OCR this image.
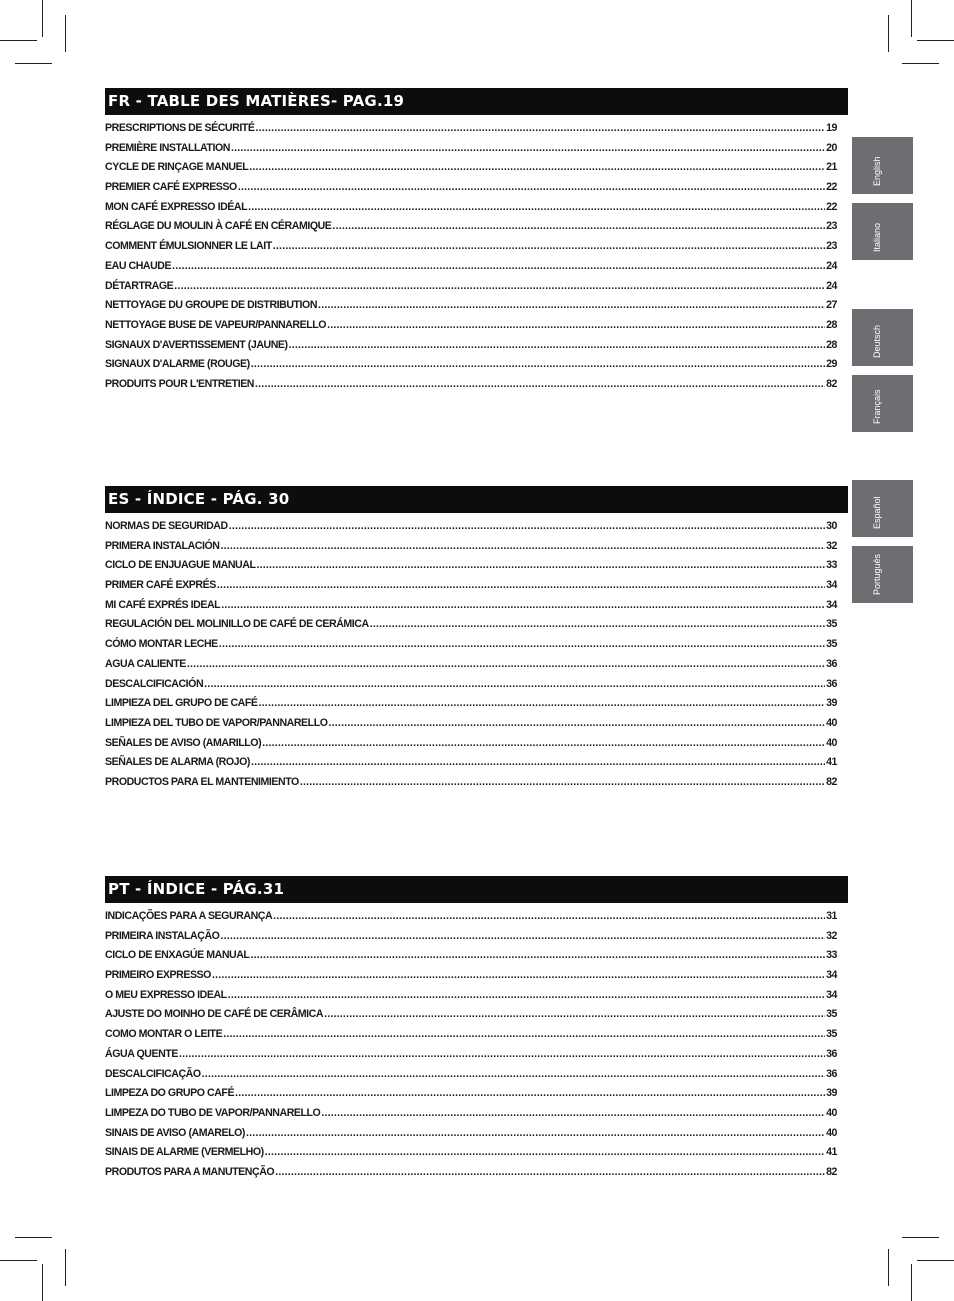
FR - TABLE DES MATIÈRES- PAG.19
PRESCRIPTIONS DE SÉCURITÉ .....	19
PREMIÈRE INSTALLATION .....	20
CYCLE DE RINÇAGE MANUEL .....	21
PREMIER CAFÉ EXPRESSO .....	22
MON CAFÉ EXPRESSO IDÉAL .....	22
RÉGLAGE DU MOULIN À CAFÉ EN CÉRAMIQUE .....	23
COMMENT ÉMULSIONNER LE LAIT .....	23
EAU CHAUDE .....	24
DÉTARTRAGE .....	24
NETTOYAGE DU GROUPE DE DISTRIBUTION .....	27
NETTOYAGE BUSE DE VAPEUR/PANNARELLO .....	28
SIGNAUX D'AVERTISSEMENT (JAUNE) .....	28
SIGNAUX D'ALARME (ROUGE) .....	29
PRODUITS POUR L'ENTRETIEN .....	82
ES - ÍNDICE - PÁG. 30
NORMAS DE SEGURIDAD .....	30
PRIMERA INSTALACIÓN .....	32
CICLO DE ENJUAGUE MANUAL .....	33
PRIMER CAFÉ EXPRÉS .....	34
MI CAFÉ EXPRÉS IDEAL .....	34
REGULACIÓN DEL MOLINILLO DE CAFÉ DE CERÁMICA .....	35
CÓMO MONTAR LECHE .....	35
AGUA CALIENTE .....	36
DESCALCIFICACIÓN .....	36
LIMPIEZA DEL GRUPO DE CAFÉ .....	39
LIMPIEZA DEL TUBO DE VAPOR/PANNARELLO .....	40
SEÑALES DE AVISO (AMARILLO) .....	40
SEÑALES DE ALARMA (ROJO) .....	41
PRODUCTOS PARA EL MANTENIMIENTO .....	82
PT - ÍNDICE - PÁG.31
INDICAÇÕES PARA A SEGURANÇA .....	31
PRIMEIRA INSTALAÇÃO .....	32
CICLO DE ENXAGÚE MANUAL .....	33
PRIMEIRO EXPRESSO .....	34
O MEU EXPRESSO IDEAL .....	34
AJUSTE DO MOINHO DE CAFÉ DE CERÂMICA .....	35
COMO MONTAR O LEITE .....	35
ÁGUA QUENTE .....	36
DESCALCIFICAÇÃO .....	36
LIMPEZA DO GRUPO CAFÉ .....	39
LIMPEZA DO TUBO DE VAPOR/PANNARELLO .....	40
SINAIS DE AVISO (AMARELO) .....	40
SINAIS DE ALARME (VERMELHO) .....	41
PRODUTOS PARA A MANUTENÇÃO .....	82
English
Italiano
Deutsch
Français
Español
Português
